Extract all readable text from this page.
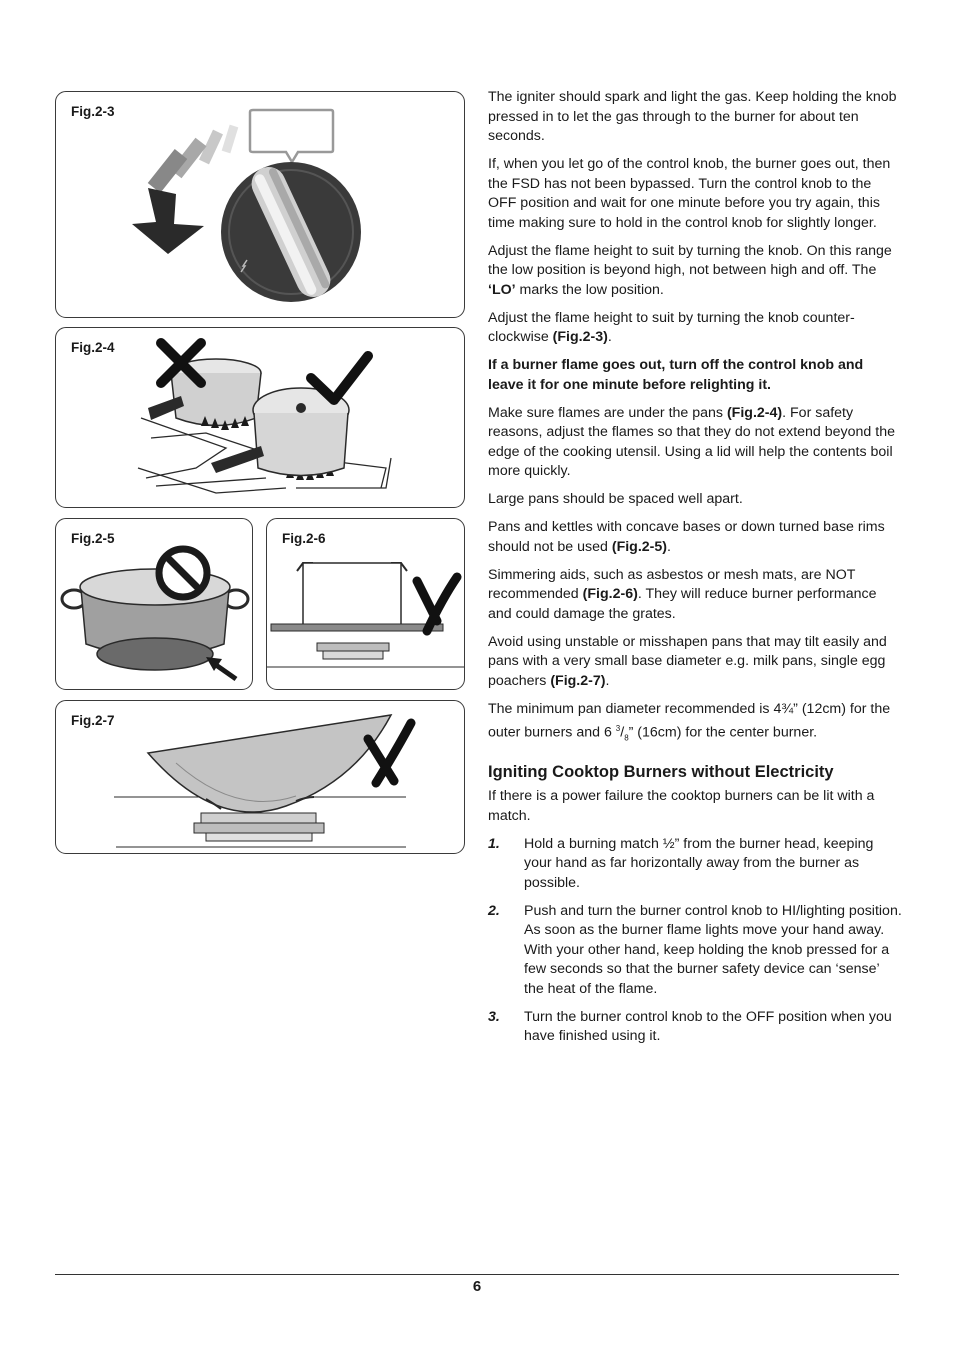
Fig.2-3
Fig.2-4
Fig.2-5	Fig.2-6
Fig.2-7

The igniter should spark and light the gas. Keep holding the knob pressed in to let the gas through to the burner for about ten seconds.

If, when you let go of the control knob, the burner goes out, then the FSD has not been bypassed. Turn the control knob to the OFF position and wait for one minute before you try again, this time making sure to hold in the control knob for slightly longer.

Adjust the flame height to suit by turning the knob. On this range the low position is beyond high, not between high and off. The ‘LO’ marks the low position.

Adjust the flame height to suit by turning the knob counter-clockwise (Fig.2-3).

If a burner flame goes out, turn off the control knob and leave it for one minute before relighting it.

Make sure flames are under the pans (Fig.2-4). For safety reasons, adjust the flames so that they do not extend beyond the edge of the cooking utensil. Using a lid will help the contents boil more quickly.

Large pans should be spaced well apart.

Pans and kettles with concave bases or down turned base rims should not be used (Fig.2-5).

Simmering aids, such as asbestos or mesh mats, are NOT recommended (Fig.2-6). They will reduce burner performance and could damage the grates.

Avoid using unstable or misshapen pans that may tilt easily and pans with a very small base diameter e.g. milk pans, single egg poachers (Fig.2-7).

The minimum pan diameter recommended is 4¾” (12cm) for the outer burners and 6 $^3/_8$” (16cm) for the center burner.

Igniting Cooktop Burners without Electricity

If there is a power failure the cooktop burners can be lit with a match.

1.	Hold a burning match ½” from the burner head, keeping your hand as far horizontally away from the burner as possible.
2.	Push and turn the burner control knob to HI/lighting position. As soon as the burner flame lights move your hand away. With your other hand, keep holding the knob pressed for a few seconds so that the burner safety device can ‘sense’ the heat of the flame.
3.	Turn the burner control knob to the OFF position when you have finished using it.
6
